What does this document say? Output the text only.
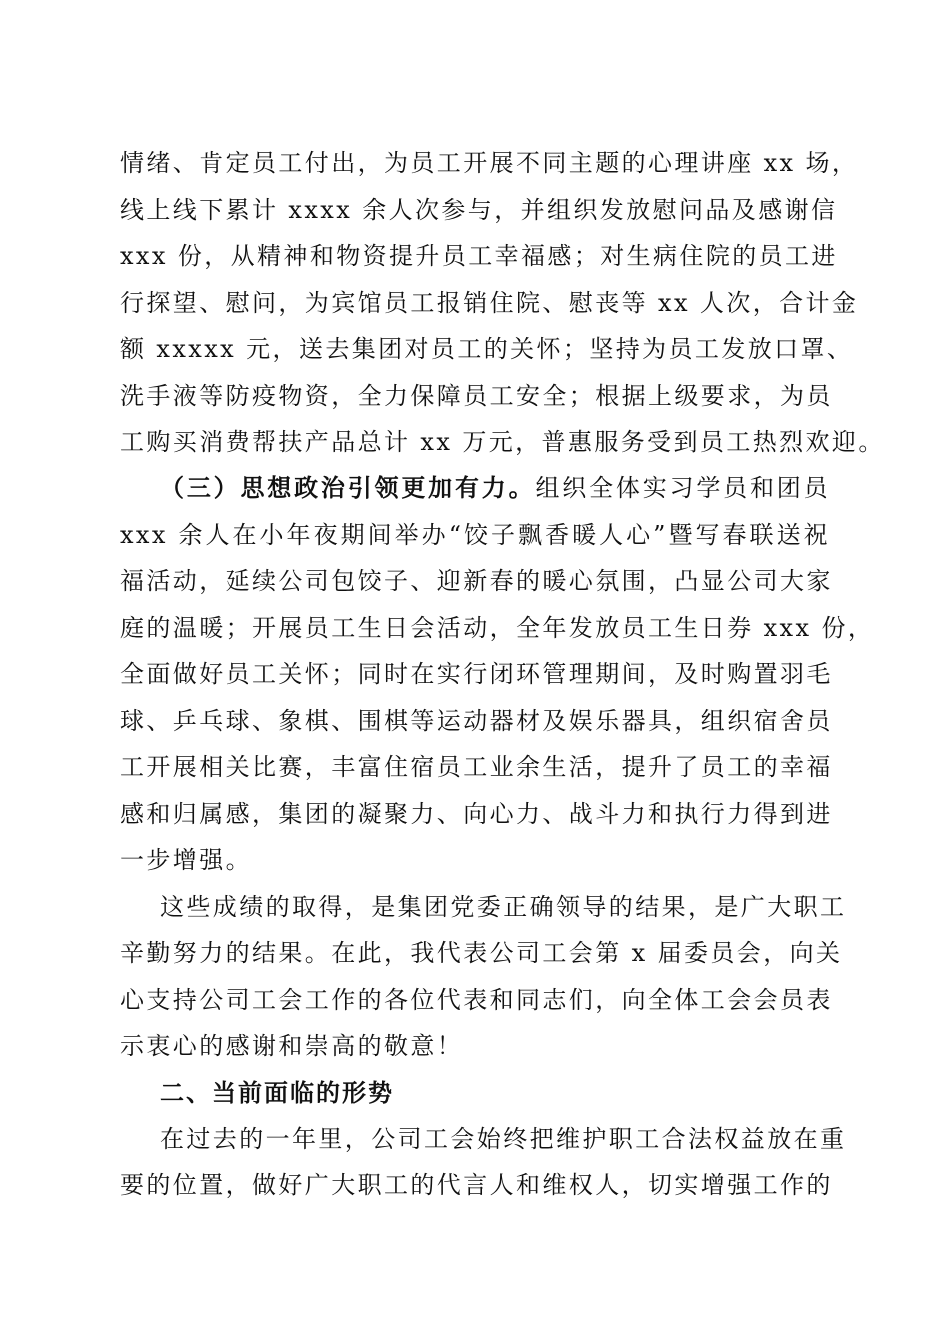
情绪、肯定员工付出，为员工开展不同主题的心理讲座 xx 场，
线上线下累计 xxxx 余人次参与，并组织发放慰问品及感谢信
xxx 份，从精神和物资提升员工幸福感；对生病住院的员工进
行探望、慰问，为宾馆员工报销住院、慰丧等 xx 人次，合计金
额 xxxxx 元，送去集团对员工的关怀；坚持为员工发放口罩、
洗手液等防疫物资，全力保障员工安全；根据上级要求，为员
工购买消费帮扶产品总计 xx 万元，普惠服务受到员工热烈欢迎。
（三）思想政治引领更加有力。组织全体实习学员和团员
xxx 余人在小年夜期间举办“饺子飘香暖人心”暨写春联送祝
福活动，延续公司包饺子、迎新春的暖心氛围，凸显公司大家
庭的温暖；开展员工生日会活动，全年发放员工生日券 xxx 份，
全面做好员工关怀；同时在实行闭环管理期间，及时购置羽毛
球、乒乓球、象棋、围棋等运动器材及娱乐器具，组织宿舍员
工开展相关比赛，丰富住宿员工业余生活，提升了员工的幸福
感和归属感，集团的凝聚力、向心力、战斗力和执行力得到进
一步增强。
这些成绩的取得，是集团党委正确领导的结果，是广大职工
辛勤努力的结果。在此，我代表公司工会第 x 届委员会，向关
心支持公司工会工作的各位代表和同志们，向全体工会会员表
示衷心的感谢和崇高的敬意！
二、当前面临的形势
在过去的一年里，公司工会始终把维护职工合法权益放在重
要的位置，做好广大职工的代言人和维权人，切实增强工作的
